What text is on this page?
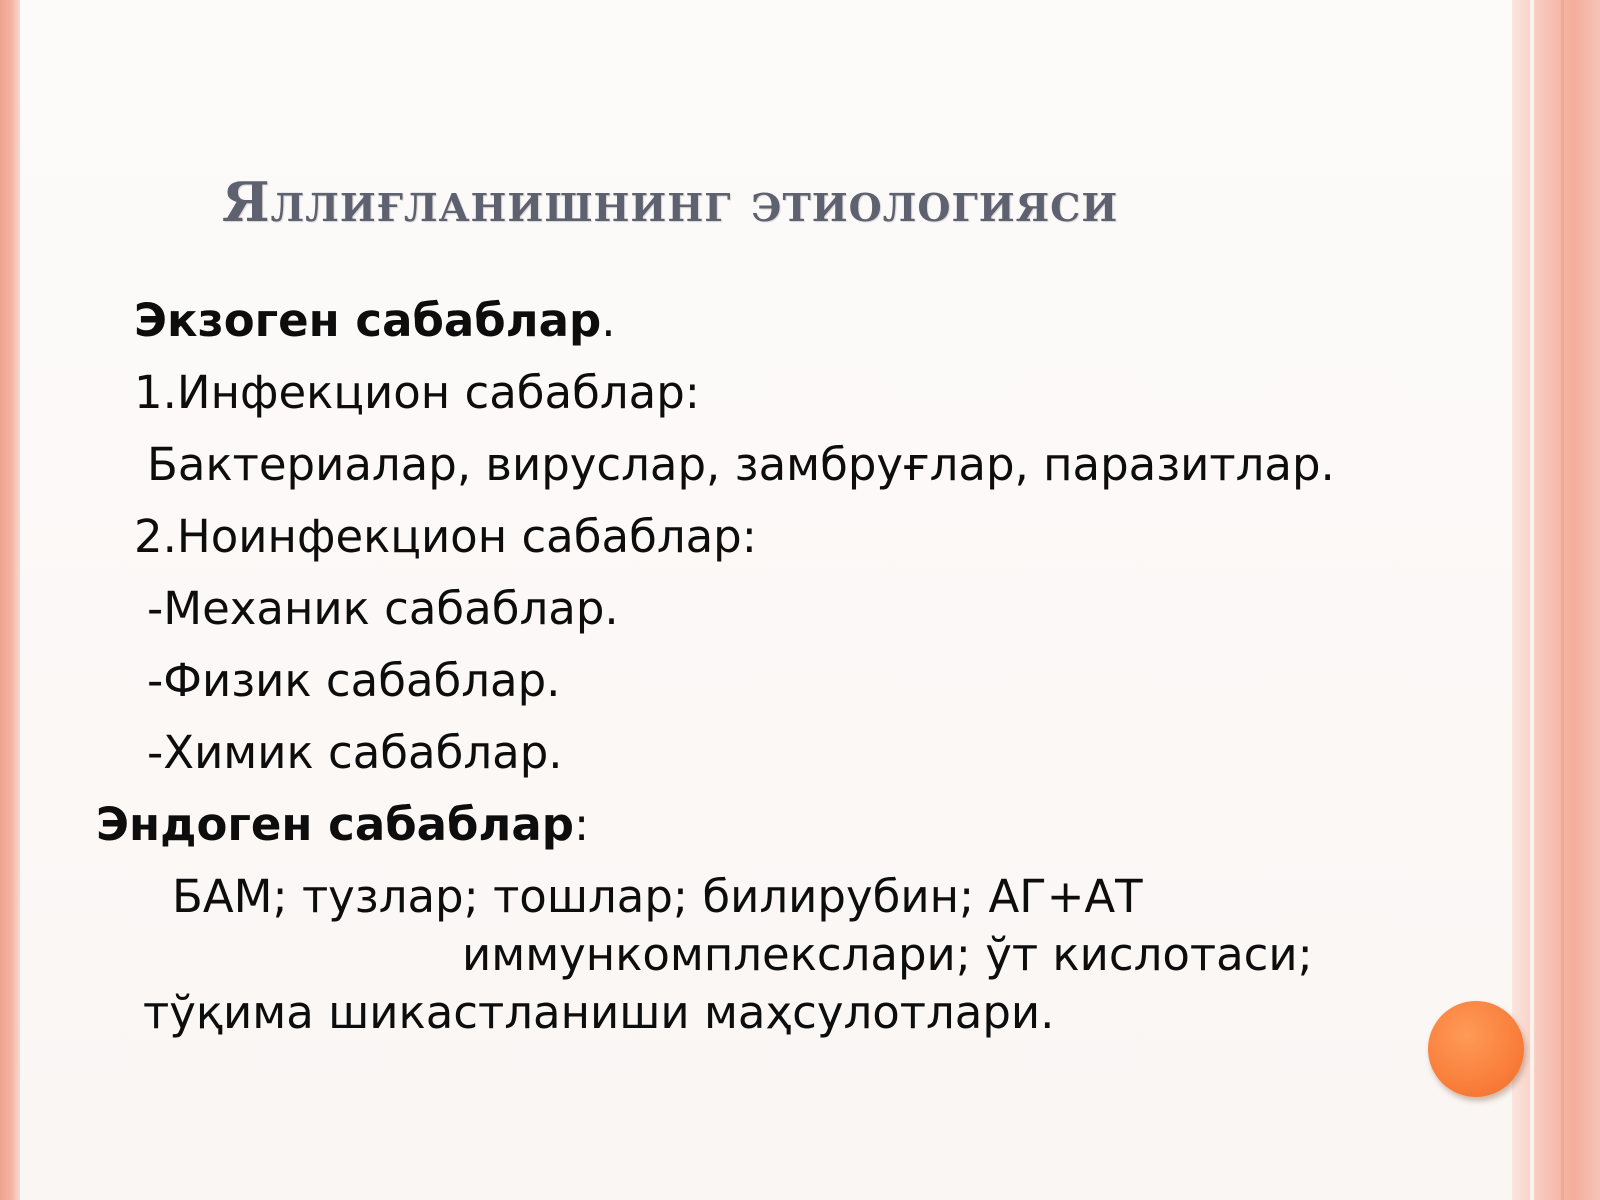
Яллиғланишнинг этиологияси
Экзоген сабаблар.
1.Инфекцион сабаблар:
Бактериалар, вируслар, замбруғлар, паразитлар.
2.Ноинфекцион сабаблар:
-Механик сабаблар.
-Физик сабаблар.
-Химик сабаблар.
Эндоген сабаблар:
БАМ; тузлар; тошлар; билирубин; АГ+АТ
иммункомплекслари; ўт кислотаси;
тўқима шикастланиши маҳсулотлари.
